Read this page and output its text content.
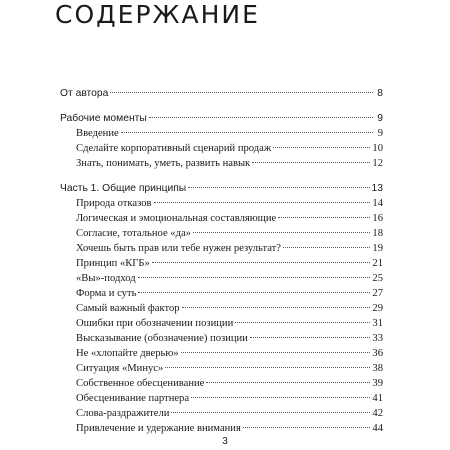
СОДЕРЖАНИЕ
От автора	8
Рабочие моменты	9
Введение	9
Сделайте корпоративный сценарий продаж	10
Знать, понимать, уметь, развить навык	12
Часть 1. Общие принципы	13
Природа отказов	14
Логическая и эмоциональная составляющие	16
Согласие, тотальное «да»	18
Хочешь быть прав или тебе нужен результат?	19
Принцип «КГБ»	21
«Вы»-подход	25
Форма и суть	27
Самый важный фактор	29
Ошибки при обозначении позиции	31
Высказывание (обозначение) позиции	33
Не «хлопайте дверью»	36
Ситуация «Минус»	38
Собственное обесценивание	39
Обесценивание партнера	41
Слова-раздражители	42
Привлечение и удержание внимания	44
3
